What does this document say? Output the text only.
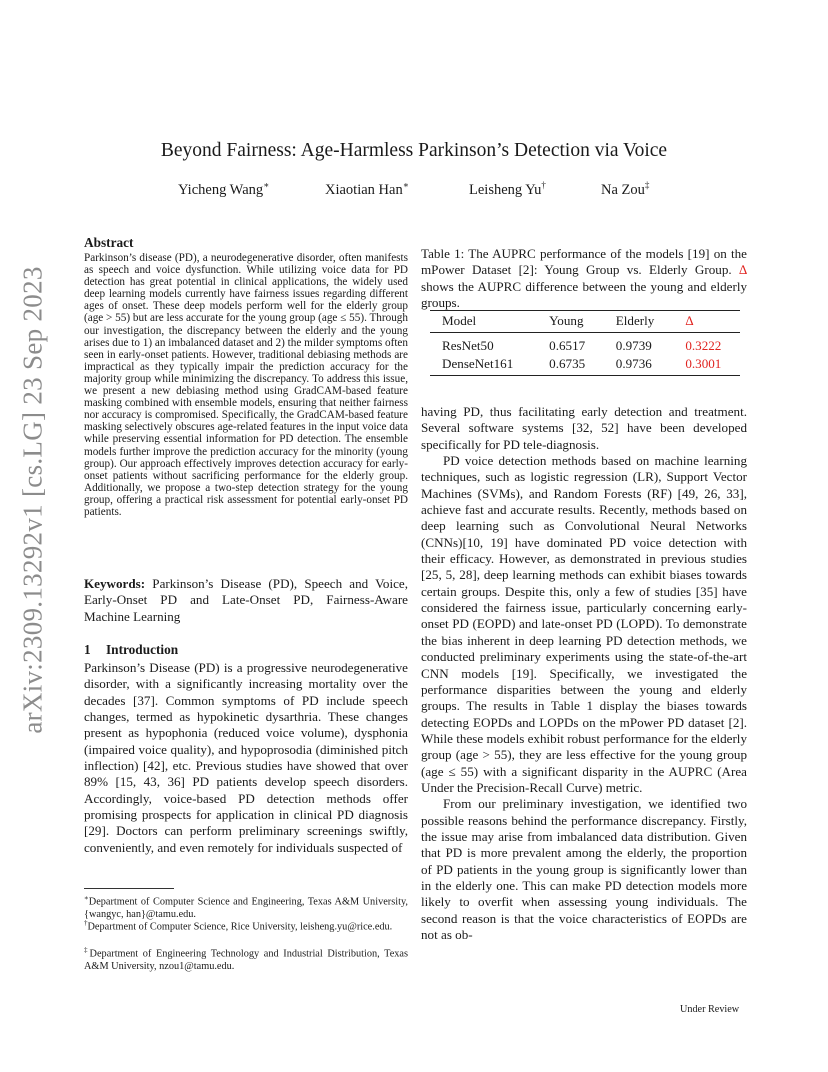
arXiv:2309.13292v1 [cs.LG] 23 Sep 2023
Beyond Fairness: Age-Harmless Parkinson’s Detection via Voice
Yicheng Wang∗	Xiaotian Han∗	Leisheng Yu†	Na Zou‡
Abstract
Parkinson’s disease (PD), a neurodegenerative disorder, often manifests as speech and voice dysfunction. While utilizing voice data for PD detection has great potential in clinical applications, the widely used deep learning models currently have fairness issues regarding different ages of onset. These deep models perform well for the elderly group (age > 55) but are less accurate for the young group (age ≤ 55). Through our investigation, the discrepancy between the elderly and the young arises due to 1) an imbalanced dataset and 2) the milder symptoms often seen in early-onset patients. However, traditional debiasing methods are impractical as they typically impair the prediction accuracy for the majority group while minimizing the discrepancy. To address this issue, we present a new debiasing method using GradCAM-based feature masking combined with ensemble models, ensuring that neither fairness nor accuracy is compromised. Specifically, the GradCAM-based feature masking selectively obscures age-related features in the input voice data while preserving essential information for PD detection. The ensemble models further improve the prediction accuracy for the minority (young group). Our approach effectively improves detection accuracy for early-onset patients without sacrificing performance for the elderly group. Additionally, we propose a two-step detection strategy for the young group, offering a practical risk assessment for potential early-onset PD patients.
Keywords: Parkinson’s Disease (PD), Speech and Voice, Early-Onset PD and Late-Onset PD, Fairness-Aware Machine Learning
1 Introduction
Parkinson’s Disease (PD) is a progressive neurodegenerative disorder, with a significantly increasing mortality over the decades [37]. Common symptoms of PD include speech changes, termed as hypokinetic dysarthria. These changes present as hypophonia (reduced voice volume), dysphonia (impaired voice quality), and hypoprosodia (diminished pitch inflection) [42], etc. Previous studies have showed that over 89% [15, 43, 36] PD patients develop speech disorders. Accordingly, voice-based PD detection methods offer promising prospects for application in clinical PD diagnosis [29]. Doctors can perform preliminary screenings swiftly, conveniently, and even remotely for individuals suspected of
∗Department of Computer Science and Engineering, Texas A&M University, {wangyc, han}@tamu.edu.
†Department of Computer Science, Rice University, leisheng.yu@rice.edu.
‡Department of Engineering Technology and Industrial Distribution, Texas A&M University, nzou1@tamu.edu.
Table 1: The AUPRC performance of the models [19] on the mPower Dataset [2]: Young Group vs. Elderly Group. ∆ shows the AUPRC difference between the young and elderly groups.
Model	Young	Elderly	∆
ResNet50	0.6517	0.9739	0.3222
DenseNet161	0.6735	0.9736	0.3001

having PD, thus facilitating early detection and treatment. Several software systems [32, 52] have been developed specifically for PD tele-diagnosis.

PD voice detection methods based on machine learning techniques, such as logistic regression (LR), Support Vector Machines (SVMs), and Random Forests (RF) [49, 26, 33], achieve fast and accurate results. Recently, methods based on deep learning such as Convolutional Neural Networks (CNNs)[10, 19] have dominated PD voice detection with their efficacy. However, as demonstrated in previous studies [25, 5, 28], deep learning methods can exhibit biases towards certain groups. Despite this, only a few of studies [35] have considered the fairness issue, particularly concerning early-onset PD (EOPD) and late-onset PD (LOPD). To demonstrate the bias inherent in deep learning PD detection methods, we conducted preliminary experiments using the state-of-the-art CNN models [19]. Specifically, we investigated the performance disparities between the young and elderly groups. The results in Table 1 display the biases towards detecting EOPDs and LOPDs on the mPower PD dataset [2]. While these models exhibit robust performance for the elderly group (age > 55), they are less effective for the young group (age ≤ 55) with a significant disparity in the AUPRC (Area Under the Precision-Recall Curve) metric.

From our preliminary investigation, we identified two possible reasons behind the performance discrepancy. Firstly, the issue may arise from imbalanced data distribution. Given that PD is more prevalent among the elderly, the proportion of PD patients in the young group is significantly lower than in the elderly one. This can make PD detection models more likely to overfit when assessing young individuals. The second reason is that the voice characteristics of EOPDs are not as ob-

Under Review
